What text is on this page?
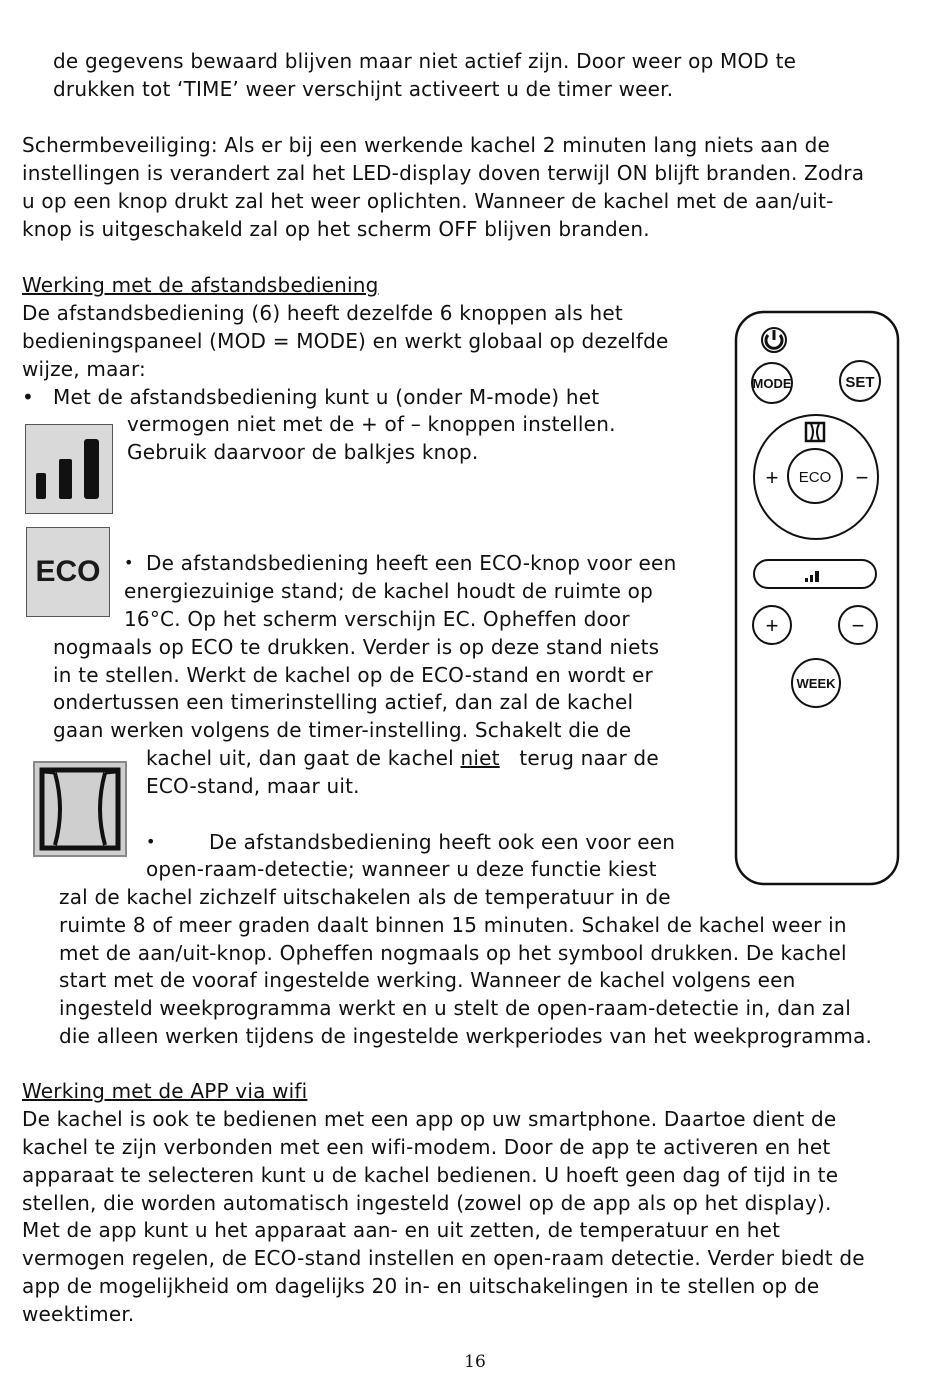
de gegevens bewaard blijven maar niet actief zijn. Door weer op MOD te
drukken tot ‘TIME’ weer verschijnt activeert u de timer weer.
Schermbeveiliging: Als er bij een werkende kachel 2 minuten lang niets aan de
instellingen is verandert zal het LED-display doven terwijl ON blijft branden. Zodra
u op een knop drukt zal het weer oplichten. Wanneer de kachel met de aan/uit-
knop is uitgeschakeld zal op het scherm OFF blijven branden.
Werking met de afstandsbediening
De afstandsbediening (6) heeft dezelfde 6 knoppen als het
bedieningspaneel (MOD = MODE) en werkt globaal op dezelfde
wijze, maar:
• Met de afstandsbediening kunt u (onder M-mode) het
vermogen niet met de + of – knoppen instellen.
Gebruik daarvoor de balkjes knop.
ECO • De afstandsbediening heeft een ECO-knop voor een
energiezuinige stand; de kachel houdt de ruimte op
16°C. Op het scherm verschijn EC. Opheffen door
nogmaals op ECO te drukken. Verder is op deze stand niets
in te stellen. Werkt de kachel op de ECO-stand en wordt er
ondertussen een timerinstelling actief, dan zal de kachel
gaan werken volgens de timer-instelling. Schakelt die de
kachel uit, dan gaat de kachel niet   terug naar de
ECO-stand, maar uit.
•	De afstandsbediening heeft ook een voor een
open-raam-detectie; wanneer u deze functie kiest
zal de kachel zichzelf uitschakelen als de temperatuur in de
ruimte 8 of meer graden daalt binnen 15 minuten. Schakel de kachel weer in
met de aan/uit-knop. Opheffen nogmaals op het symbool drukken. De kachel
start met de vooraf ingestelde werking. Wanneer de kachel volgens een
ingesteld weekprogramma werkt en u stelt de open-raam-detectie in, dan zal
die alleen werken tijdens de ingestelde werkperiodes van het weekprogramma.
MODE	SET
+	−
ECO
+	−
WEEK
Werking met de APP via wifi
De kachel is ook te bedienen met een app op uw smartphone. Daartoe dient de
kachel te zijn verbonden met een wifi-modem. Door de app te activeren en het
apparaat te selecteren kunt u de kachel bedienen. U hoeft geen dag of tijd in te
stellen, die worden automatisch ingesteld (zowel op de app als op het display).
Met de app kunt u het apparaat aan- en uit zetten, de temperatuur en het
vermogen regelen, de ECO-stand instellen en open-raam detectie. Verder biedt de
app de mogelijkheid om dagelijks 20 in- en uitschakelingen in te stellen op de
weektimer.
16
